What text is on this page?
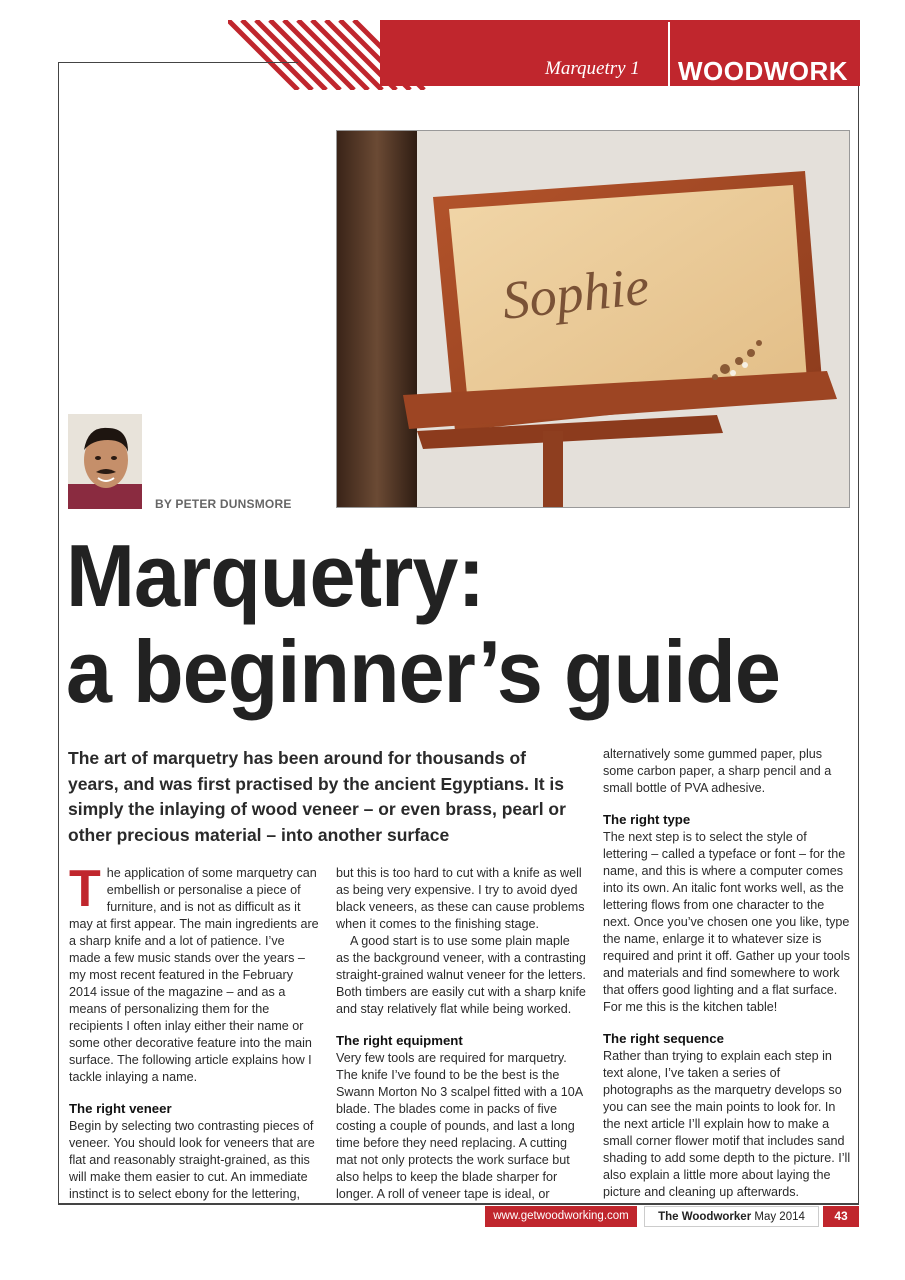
Marquetry 1 WOODWORK
Sophie
BY PETER DUNSMORE
Marquetry:
a beginner’s guide
The art of marquetry has been around for thousands of years, and was first practised by the ancient Egyptians. It is simply the inlaying of wood veneer – or even brass, pearl or other precious material – into another surface
T he application of some marquetry can embellish or personalise a piece of furniture, and is not as difficult as it may at first appear. The main ingredients are a sharp knife and a lot of patience. I’ve made a few music stands over the years – my most recent featured in the February 2014 issue of the magazine – and as a means of personalizing them for the recipients I often inlay either their name or some other decorative feature into the main surface. The following article explains how I tackle inlaying a name.
The right veneer

Begin by selecting two contrasting pieces of veneer. You should look for veneers that are flat and reasonably straight-grained, as this will make them easier to cut. An immediate instinct is to select ebony for the lettering,

but this is too hard to cut with a knife as well as being very expensive. I try to avoid dyed black veneers, as these can cause problems when it comes to the finishing stage.

A good start is to use some plain maple as the background veneer, with a contrasting straight-grained walnut veneer for the letters. Both timbers are easily cut with a sharp knife and stay relatively flat while being worked.

The right equipment

Very few tools are required for marquetry. The knife I’ve found to be the best is the Swann Morton No 3 scalpel fitted with a 10A blade. The blades come in packs of five costing a couple of pounds, and last a long time before they need replacing. A cutting mat not only protects the work surface but also helps to keep the blade sharper for longer. A roll of veneer tape is ideal, or

alternatively some gummed paper, plus some carbon paper, a sharp pencil and a small bottle of PVA adhesive.

The right type

The next step is to select the style of lettering – called a typeface or font – for the name, and this is where a computer comes into its own. An italic font works well, as the lettering flows from one character to the next. Once you’ve chosen one you like, type the name, enlarge it to whatever size is required and print it off. Gather up your tools and materials and find somewhere to work that offers good lighting and a flat surface. For me this is the kitchen table!

The right sequence

Rather than trying to explain each step in text alone, I’ve taken a series of photographs as the marquetry develops so you can see the main points to look for. In the next article I’ll explain how to make a small corner flower motif that includes sand shading to add some depth to the picture. I’ll also explain a little more about laying the picture and cleaning up afterwards.

www.getwoodworking.com	The Woodworker May 2014	43
